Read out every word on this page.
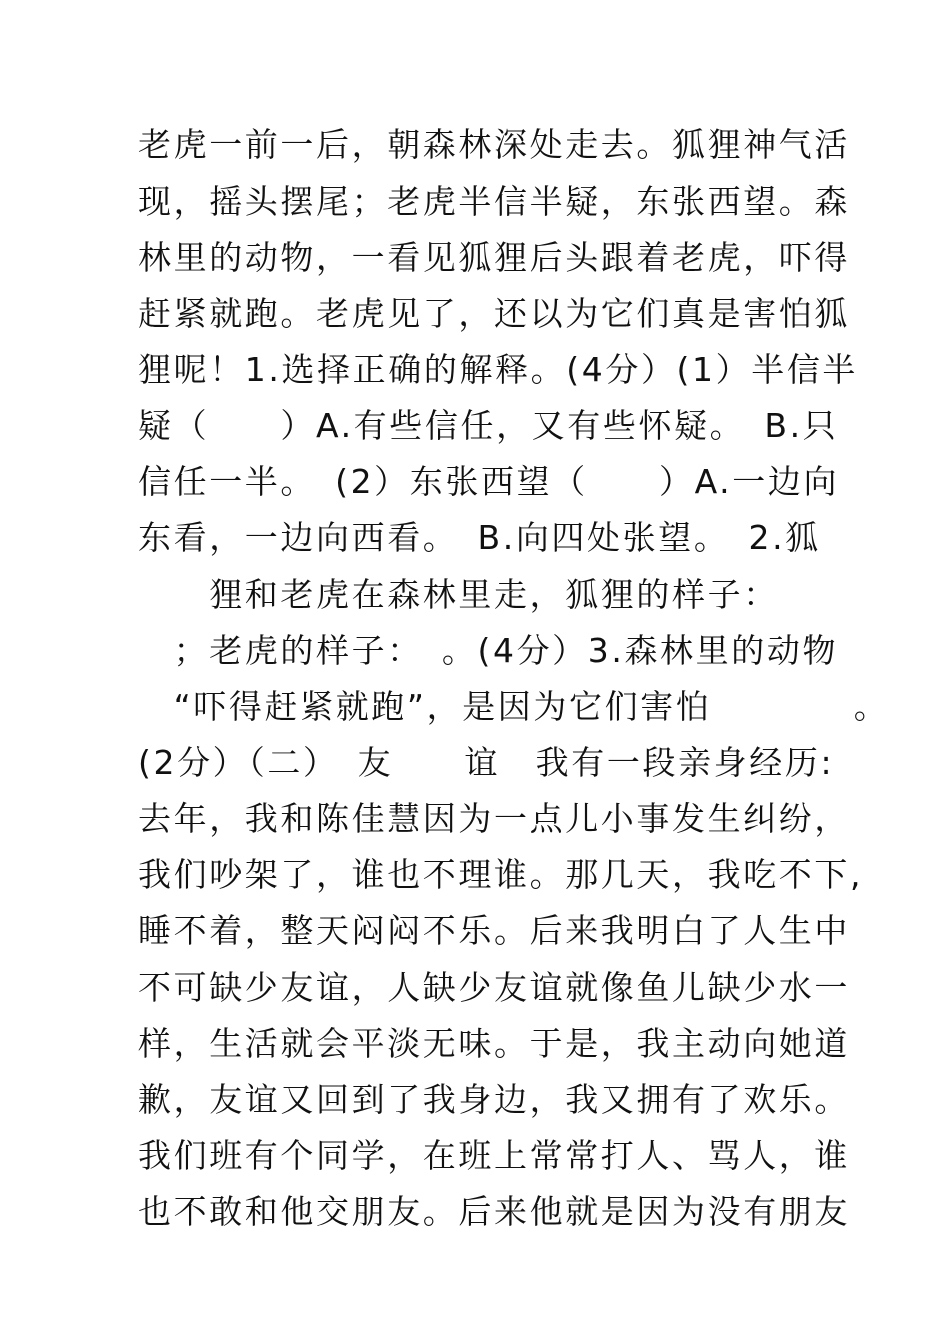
老虎一前一后，朝森林深处走去。狐狸神气活
现，摇头摆尾；老虎半信半疑，东张西望。森
林里的动物，一看见狐狸后头跟着老虎，吓得
赶紧就跑。老虎见了，还以为它们真是害怕狐
狸呢！1.选择正确的解释。(4分）(1）半信半
疑（　　）A.有些信任，又有些怀疑。　B.只
信任一半。　(2）东张西望（　　）A.一边向
东看，一边向西看。　B.向四处张望。　2.狐
　　狸和老虎在森林里走，狐狸的样子：
　；老虎的样子：　。(4分）3.森林里的动物
　“吓得赶紧就跑”，是因为它们害怕　　　　。
(2分）（二）　友　　谊　我有一段亲身经历:
去年，我和陈佳慧因为一点儿小事发生纠纷，
我们吵架了，谁也不理谁。那几天，我吃不下,
睡不着，整天闷闷不乐。后来我明白了人生中
不可缺少友谊，人缺少友谊就像鱼儿缺少水一
样，生活就会平淡无味。于是，我主动向她道
歉，友谊又回到了我身边，我又拥有了欢乐。
我们班有个同学，在班上常常打人、骂人，谁
也不敢和他交朋友。后来他就是因为没有朋友
